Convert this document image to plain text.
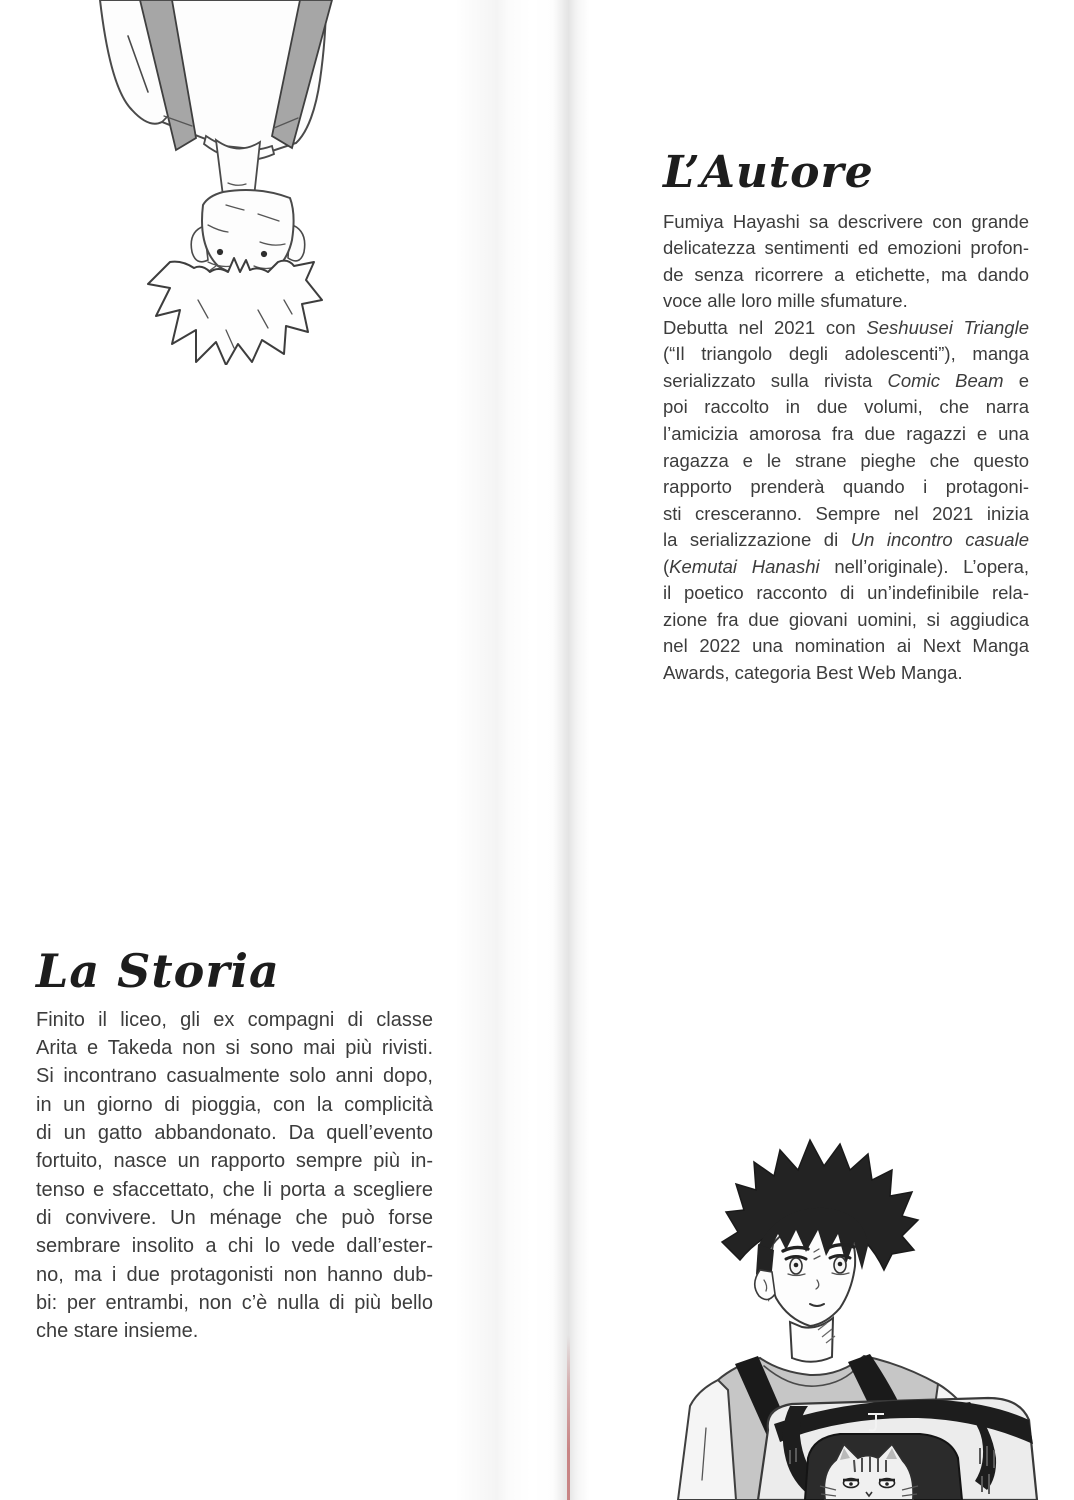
La Storia
Finito il liceo, gli ex compagni di classe
Arita e Takeda non si sono mai più rivisti.
Si incontrano casualmente solo anni dopo,
in un giorno di pioggia, con la complicità
di un gatto abbandonato. Da quell’evento
fortuito, nasce un rapporto sempre più in-
tenso e sfaccettato, che li porta a scegliere
di convivere. Un ménage che può forse
sembrare insolito a chi lo vede dall’ester-
no, ma i due protagonisti non hanno dub-
bi: per entrambi, non c’è nulla di più bello
che stare insieme.
L’Autore
Fumiya Hayashi sa descrivere con grande
delicatezza sentimenti ed emozioni profon-
de senza ricorrere a etichette, ma dando
voce alle loro mille sfumature.
Debutta nel 2021 con Seshuusei Triangle
(“Il triangolo degli adolescenti”), manga
serializzato sulla rivista Comic Beam e
poi raccolto in due volumi, che narra
l’amicizia amorosa fra due ragazzi e una
ragazza e le strane pieghe che questo
rapporto prenderà quando i protagoni-
sti cresceranno. Sempre nel 2021 inizia
la serializzazione di Un incontro casuale
(Kemutai Hanashi nell’originale). L’opera,
il poetico racconto di un’indefinibile rela-
zione fra due giovani uomini, si aggiudica
nel 2022 una nomination ai Next Manga
Awards, categoria Best Web Manga.
